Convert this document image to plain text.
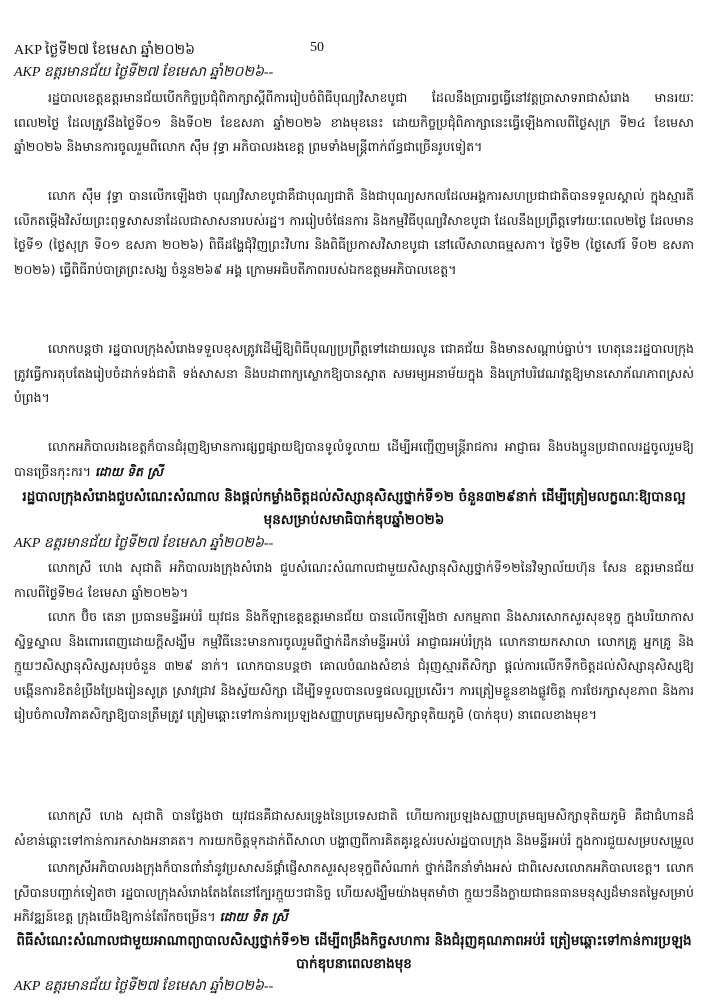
AKP ថ្ងៃទី២៧ ខែមេសា ឆ្នាំ២០២៦	50
AKP ឧត្តរមានជ័យ ថ្ងៃទី២៧ ខែមេសា ឆ្នាំ២០២៦--

រដ្ឋបាលខេត្តឧត្តរមានជ័យបើកកិច្ចប្រជុំពិភាក្សាស្តីពីការរៀបចំពិធីបុណ្យវិសាខបូជា ដែលនឹងប្រារព្ធធ្វើនៅវត្តប្រាសាទរាជាសំរោង មានរយៈពេល២ថ្ងៃ ដែលត្រូវនឹងថ្ងៃទី០១ និងទី០២ ខែឧសភា ឆ្នាំ២០២៦ ខាងមុខនេះ ដោយកិច្ចប្រជុំពិភាក្សានេះធ្វើឡើងកាលពីថ្ងៃសុក្រ ទី២៤ ខែមេសា ឆ្នាំ២០២៦ និងមានការចូលរួមពីលោក ស៊ឹម វុទ្ធា អភិបាលរងខេត្ត ព្រមទាំងមន្ត្រីពាក់ព័ន្ធជាច្រើនរូបទៀត។

លោក ស៊ឹម វុទ្ធា បានលើកឡើងថា បុណ្យវិសាខបូជាគឺជាបុណ្យជាតិ និងជាបុណ្យសកលដែលអង្គការសហប្រជាជាតិបានទទួលស្គាល់ ក្នុងស្មារតីលើកតម្កើងវិស័យព្រះពុទ្ធសាសនាដែលជាសាសនារបស់រដ្ឋ។ ការរៀបចំផែនការ និងកម្មវិធីបុណ្យវិសាខបូជា ដែលនឹងប្រព្រឹត្តទៅរយៈពេល២ថ្ងៃ ដែលមាន ថ្ងៃទី១ (ថ្ងៃសុក្រ ទី០១ ឧសភា ២០២៦) ពិធីដង្ហែជុំវិញព្រះវិហារ និងពិធីប្រកាសវិសាខបូជា នៅលើសាលាធម្មសភា។ ថ្ងៃទី២ (ថ្ងៃសៅរ៍ ទី០២ ឧសភា ២០២៦) ធ្វើពិធីរាប់បាត្រព្រះសង្ឃ ចំនួន២៦៩ អង្គ ក្រោមអធិបតីភាពរបស់ឯកឧត្តមអភិបាលខេត្ត។

លោកបន្តថា រដ្ឋបាលក្រុងសំរោងទទួលខុសត្រូវដើម្បីឱ្យពិធីបុណ្យប្រព្រឹត្តទៅដោយរលូន ជោគជ័យ និងមានសណ្តាប់ធ្នាប់។ ហេតុនេះរដ្ឋបាលក្រុង ត្រូវធ្វើការតុបតែងរៀបចំដាក់ទង់ជាតិ ទង់សាសនា និងបដាពាក្យស្លោកឱ្យបានស្អាត សមរម្យអនាម័យក្នុង និងក្រៅបរិវេណវត្តឱ្យមានសោភ័ណភាពស្រស់បំព្រង។

លោកអភិបាលរងខេត្តក៏បានជំរុញឱ្យមានការផ្សព្វផ្សាយឱ្យបានទូលំទូលាយ ដើម្បីអញ្ជើញមន្ត្រីរាជការ អាជ្ញាធរ និងបងប្អូនប្រជាពលរដ្ឋចូលរួមឱ្យបានច្រើនកុះករ។ ដោយ ទិត ស្រី

រដ្ឋបាលក្រុងសំរោងជួបសំណេះសំណាល និងផ្តល់កម្លាំងចិត្តដល់សិស្សានុសិស្សថ្នាក់ទី១២ ចំនួន៣២៩នាក់ ដើម្បីត្រៀមលក្ខណៈឱ្យបានល្អមុនសម្រាប់សមាធិបាក់ឌុបឆ្នាំ២០២៦

AKP ឧត្តរមានជ័យ ថ្ងៃទី២៧ ខែមេសា ឆ្នាំ២០២៦--

លោកស្រី ហេង សុជាតិ អភិបាលរងក្រុងសំរោង ជួបសំណេះសំណាលជាមួយសិស្សានុសិស្សថ្នាក់ទី១២នៃវិទ្យាល័យហ៊ុន សែន ឧត្តរមានជ័យ កាលពីថ្ងៃទី២៤ ខែមេសា ឆ្នាំ២០២៦។

លោក ប៊ិច តេនា ប្រធានមន្ទីរអប់រំ យុវជន និងកីឡាខេត្តឧត្តរមានជ័យ បានលើកឡើងថា សកម្មភាព និងសារសោកសួរសុខទុក្ខ ក្នុងបរិយាកាសស្និទ្ធស្នាល និងពោរពេញដោយក្តីសង្ឃឹម កម្មវិធីនេះមានការចូលរួមពីថ្នាក់ដឹកនាំមន្ទីរអប់រំ អាជ្ញាធរអប់រំក្រុង លោកនាយកសាលា លោកគ្រូ អ្នកគ្រូ និងក្មួយៗសិស្សានុសិស្សសរុបចំនួន ៣២៩ នាក់។ លោកបានបន្តថា គោលបំណងសំខាន់ ជំរុញស្មារតីសិក្សា ផ្តល់ការលើកទឹកចិត្តដល់សិស្សានុសិស្សឱ្យបង្កើនការខិតខំប្រឹងប្រែងរៀនសូត្រ ស្រាវជ្រាវ និងស្វ័យសិក្សា ដើម្បីទទួលបានលទ្ធផលល្អប្រសើរ។ ការត្រៀមខ្លួនខាងផ្លូវចិត្ត ការថែរក្សាសុខភាព និងការរៀបចំកាលវិភាគសិក្សាឱ្យបានត្រឹមត្រូវ ត្រៀមឆ្ពោះទៅកាន់ការប្រឡងសញ្ញាបត្រមធ្យមសិក្សាទុតិយភូមិ (បាក់ឌុប) នាពេលខាងមុខ។

លោកស្រី ហេង សុជាតិ បានថ្លែងថា យុវជនគឺជាសសរទ្រូងនៃប្រទេសជាតិ ហើយការប្រឡងសញ្ញាបត្រមធ្យមសិក្សាទុតិយភូមិ គឺជាជំហានដ៏សំខាន់ឆ្ពោះទៅកាន់ការកសាងអនាគត។ ការយកចិត្តទុកដាក់ពីសាលា បង្ហាញពីការគិតគូរខ្ពស់របស់រដ្ឋបាលក្រុង និងមន្ទីរអប់រំ ក្នុងការជួយសម្របសម្រួល

លោកស្រីអភិបាលរងក្រុងក៏បានពាំនាំនូវប្រសាសន៍ផ្តាំផ្ញើសាកសួរសុខទុក្ខពីសំណាក់ ថ្នាក់ដឹកនាំទាំងអស់ ជាពិសេសលោកអភិបាលខេត្ត។ លោកស្រីបានបញ្ជាក់ទៀតថា រដ្ឋបាលក្រុងសំរោងតែងតែនៅក្បែរក្មួយៗជានិច្ច ហើយសង្ឃឹមយ៉ាងមុតមាំថា ក្មួយៗនឹងក្លាយជាធនធានមនុស្សដ៏មានតម្លៃសម្រាប់អភិវឌ្ឍន៍ខេត្ត ក្រុងយើងឱ្យកាន់តែរីកចម្រើន។ ដោយ ទិត ស្រី

ពិធីសំណេះសំណាលជាមួយអាណាព្យាបាលសិស្សថ្នាក់ទី១២ ដើម្បីពង្រឹងកិច្ចសហការ និងជំរុញគុណភាពអប់រំ ត្រៀមឆ្ពោះទៅកាន់ការប្រឡងបាក់ឌុបនាពេលខាងមុខ

AKP ឧត្តរមានជ័យ ថ្ងៃទី២៧ ខែមេសា ឆ្នាំ២០២៦--
